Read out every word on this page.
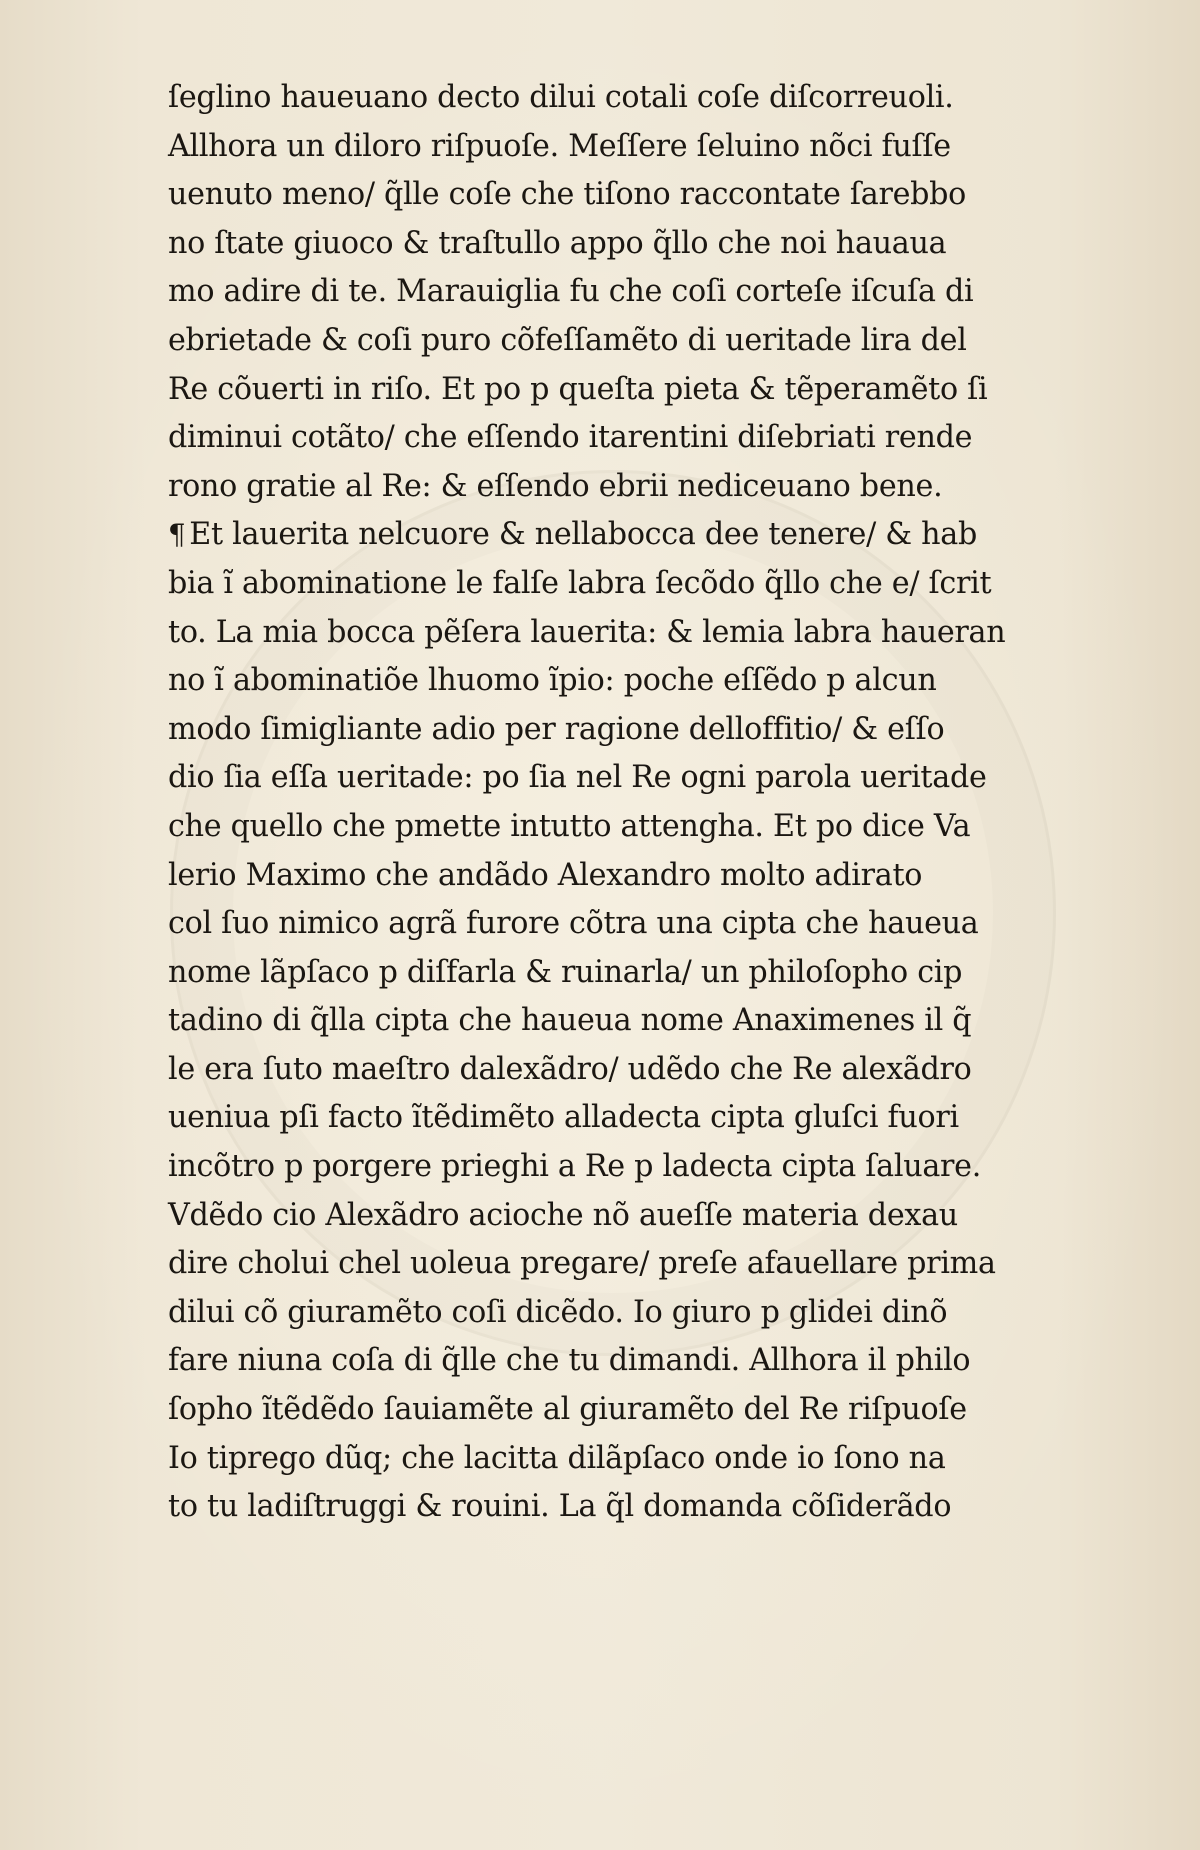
ſeglino haueuano decto dilui cotali coſe diſcorreuoli.
Allhora un diloro riſpuoſe. Meſſere ſeluino nõci fuſſe
uenuto meno/ q̃lle coſe che tiſono raccontate ſarebbo
no ſtate giuoco & traſtullo appo q̃llo che noi hauaua
mo adire di te. Marauiglia fu che coſi corteſe iſcuſa di
ebrietade & coſi puro cõfeſſamẽto di ueritade lira del
Re cõuerti in riſo. Et po p queſta pieta & tẽperamẽto ſi
diminui cotãto/ che eſſendo itarentini diſebriati rende
rono gratie al Re: & eſſendo ebrii nediceuano bene.
¶ Et lauerita nelcuore & nellabocca dee tenere/ & hab
bia ĩ abominatione le falſe labra ſecõdo q̃llo che e/ ſcrit
to. La mia bocca pẽſera lauerita: & lemia labra haueran
no ĩ abominatiõe lhuomo ĩpio: poche eſſẽdo p alcun
modo ſimigliante adio per ragione delloffitio/ & eſſo
dio ſia eſſa ueritade: po ſia nel Re ogni parola ueritade
che quello che pmette intutto attengha. Et po dice Va
lerio Maximo che andãdo Alexandro molto adirato
col ſuo nimico agrã furore cõtra una cipta che haueua
nome lãpſaco p diſfarla & ruinarla/ un philoſopho cip
tadino di q̃lla cipta che haueua nome Anaximenes il q̃
le era ſuto maeſtro dalexãdro/ udẽdo che Re alexãdro
ueniua pſi facto ĩtẽdimẽto alladecta cipta gluſci fuori
incõtro p porgere prieghi a Re p ladecta cipta ſaluare.
Vdẽdo cio Alexãdro acioche nõ aueſſe materia dexau
dire cholui chel uoleua pregare/ preſe afauellare prima
dilui cõ giuramẽto coſi dicẽdo. Io giuro p glidei dinõ
fare niuna coſa di q̃lle che tu dimandi. Allhora il philo
ſopho ĩtẽdẽdo ſauiamẽte al giuramẽto del Re riſpuoſe
Io tiprego dũq; che lacitta dilãpſaco onde io ſono na
to tu ladiſtruggi & rouini. La q̃l domanda cõſiderãdo
